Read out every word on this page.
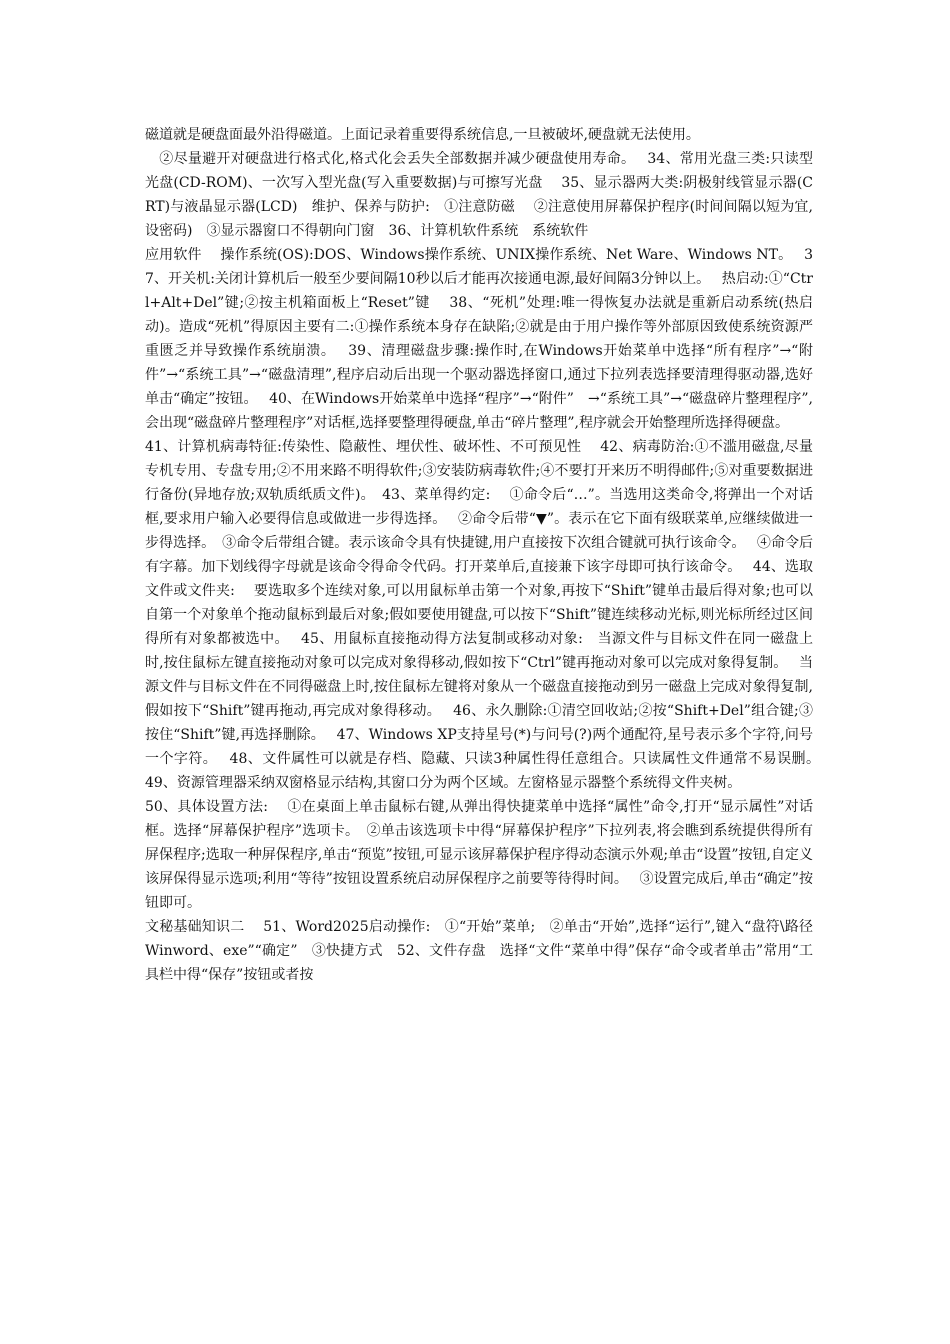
磁道就是硬盘面最外沿得磁道。上面记录着重要得系统信息,一旦被破坏,硬盘就无法使用。

　②尽量避开对硬盘进行格式化,格式化会丢失全部数据并减少硬盘使用寿命。　 34、常用光盘三类:只读型光盘(CD-ROM)、一次写入型光盘(写入重要数据)与可擦写光盘　 35、显示器两大类:阴极射线管显示器(CRT)与液晶显示器(LCD)　维护、保养与防护:　①注意防磁　 ②注意使用屏幕保护程序(时间间隔以短为宜,设密码)　③显示器窗口不得朝向门窗　36、计算机软件系统　系统软件

应用软件　 操作系统(OS):DOS、Windows操作系统、UNIX操作系统、Net Ware、Windows NT。　 37、开关机:关闭计算机后一般至少要间隔10秒以后才能再次接通电源,最好间隔3分钟以上。　 热启动:①“Ctrl+Alt+Del”键;②按主机箱面板上“Reset”键　 38、“死机”处理:唯一得恢复办法就是重新启动系统(热启动)。造成“死机”得原因主要有二:①操作系统本身存在缺陷;②就是由于用户操作等外部原因致使系统资源严重匮乏并导致操作系统崩溃。　 39、清理磁盘步骤:操作时,在Windows开始菜单中选择“所有程序”→“附件”→“系统工具”→“磁盘清理”,程序启动后出现一个驱动器选择窗口,通过下拉列表选择要清理得驱动器,选好单击“确定”按钮。　 40、在Windows开始菜单中选择“程序”→“附件”　→“系统工具”→“磁盘碎片整理程序”,会出现“磁盘碎片整理程序”对话框,选择要整理得硬盘,单击“碎片整理”,程序就会开始整理所选择得硬盘。

41、计算机病毒特征:传染性、隐蔽性、埋伏性、破坏性、不可预见性　 42、病毒防治:①不滥用磁盘,尽量专机专用、专盘专用;②不用来路不明得软件;③安装防病毒软件;④不要打开来历不明得邮件;⑤对重要数据进行备份(异地存放;双轨质纸质文件)。　43、菜单得约定:　 ①命令后“…”。当选用这类命令,将弹出一个对话框,要求用户输入必要得信息或做进一步得选择。　 ②命令后带“▼”。表示在它下面有级联菜单,应继续做进一步得选择。　③命令后带组合键。表示该命令具有快捷键,用户直接按下次组合键就可执行该命令。　 ④命令后有字幕。加下划线得字母就是该命令得命令代码。打开菜单后,直接兼下该字母即可执行该命令。　 44、选取文件或文件夹:　 要选取多个连续对象,可以用鼠标单击第一个对象,再按下“Shift”键单击最后得对象;也可以自第一个对象单个拖动鼠标到最后对象;假如要使用键盘,可以按下“Shift”键连续移动光标,则光标所经过区间得所有对象都被选中。　 45、用鼠标直接拖动得方法复制或移动对象:　当源文件与目标文件在同一磁盘上时,按住鼠标左键直接拖动对象可以完成对象得移动,假如按下“Ctrl”键再拖动对象可以完成对象得复制。　 当源文件与目标文件在不同得磁盘上时,按住鼠标左键将对象从一个磁盘直接拖动到另一磁盘上完成对象得复制,假如按下“Shift”键再拖动,再完成对象得移动。　 46、永久删除:①清空回收站;②按“Shift+Del”组合键;③按住“Shift”键,再选择删除。　 47、Windows XP支持星号(*)与问号(?)两个通配符,星号表示多个字符,问号一个字符。　 48、文件属性可以就是存档、隐藏、只读3种属性得任意组合。只读属性文件通常不易误删。　 49、资源管理器采纳双窗格显示结构,其窗口分为两个区域。左窗格显示器整个系统得文件夹树。

50、具体设置方法:　 ①在桌面上单击鼠标右键,从弹出得快捷菜单中选择“属性”命令,打开“显示属性”对话框。选择“屏幕保护程序”选项卡。　②单击该选项卡中得“屏幕保护程序”下拉列表,将会瞧到系统提供得所有屏保程序;选取一种屏保程序,单击“预览”按钮,可显示该屏幕保护程序得动态演示外观;单击“设置”按钮,自定义该屏保得显示选项;利用“等待”按钮设置系统启动屏保程序之前要等待得时间。　 ③设置完成后,单击“确定”按钮即可。

文秘基础知识二　 51、Word2025启动操作:　①“开始”菜单;　②单击“开始”,选择“运行”,键入“盘符\路径Winword、exe”“确定”　③快捷方式　52、文件存盘　选择“文件“菜单中得”保存“命令或者单击”常用“工具栏中得“保存”按钮或者按
